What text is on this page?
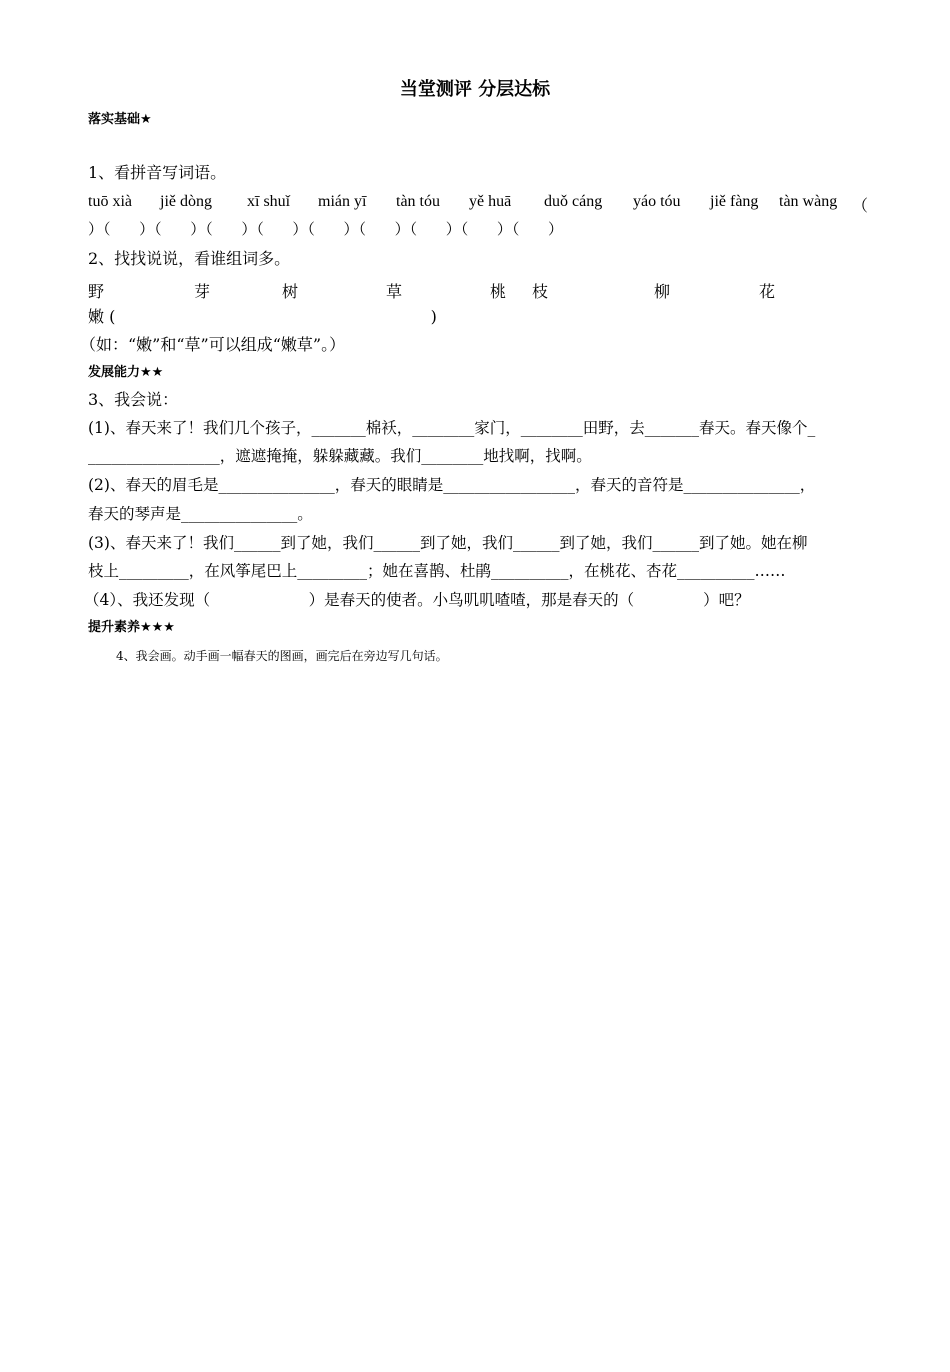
当堂测评 分层达标
落实基础★
1、看拼音写词语。
tuō xià jiě dòng xī shuǐ mián yī tàn tóu yě huā duǒ cáng yáo tóu jiě fàng tàn wàng （
）（      ）（      ）（      ）（      ）（      ）（      ）（      ）（      ）（      ）
2、找找说说，看谁组词多。
野	芽	树	草	桃 枝	柳	花
嫩 (                                                              )
（如：“嫩”和“草”可以组成“嫩草”。）
发展能力★★
3、我会说：
(1)、春天来了！我们几个孩子，_______棉袄，________家门，________田野，去_______春天。春天像个_
_________________，遮遮掩掩，躲躲藏藏。我们________地找啊，找啊。
(2)、春天的眉毛是_______________，春天的眼睛是_________________，春天的音符是_______________，
春天的琴声是_______________。
(3)、春天来了！我们______到了她，我们______到了她，我们______到了她，我们______到了她。她在柳
枝上_________，在风筝尾巴上_________；她在喜鹊、杜鹃__________，在桃花、杏花__________……
（4）、我还发现（                    ）是春天的使者。小鸟叽叽喳喳，那是春天的（              ）吧？
提升素养★★★
4、我会画。动手画一幅春天的图画，画完后在旁边写几句话。
